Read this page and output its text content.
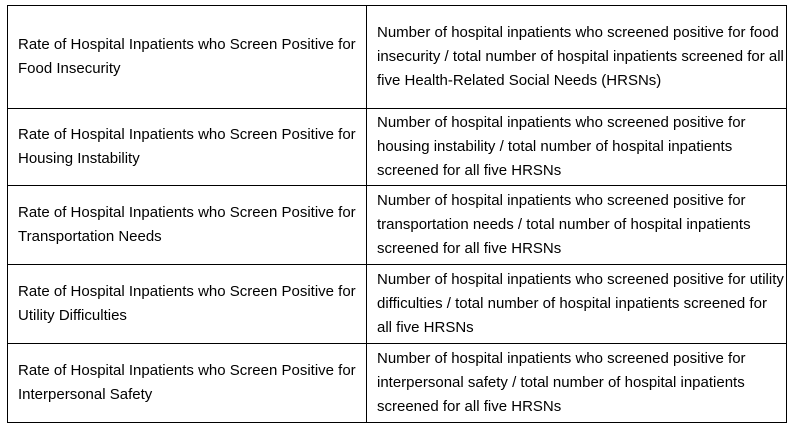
Rate of Hospital Inpatients who Screen Positive for Food Insecurity	Number of hospital inpatients who screened positive for food insecurity / total number of hospital inpatients screened for all five Health-Related Social Needs (HRSNs)
Rate of Hospital Inpatients who Screen Positive for Housing Instability	Number of hospital inpatients who screened positive for housing instability / total number of hospital inpatients screened for all five HRSNs
Rate of Hospital Inpatients who Screen Positive for Transportation Needs	Number of hospital inpatients who screened positive for transportation needs / total number of hospital inpatients screened for all five HRSNs
Rate of Hospital Inpatients who Screen Positive for Utility Difficulties	Number of hospital inpatients who screened positive for utility difficulties / total number of hospital inpatients screened for all five HRSNs
Rate of Hospital Inpatients who Screen Positive for Interpersonal Safety	Number of hospital inpatients who screened positive for interpersonal safety / total number of hospital inpatients screened for all five HRSNs
